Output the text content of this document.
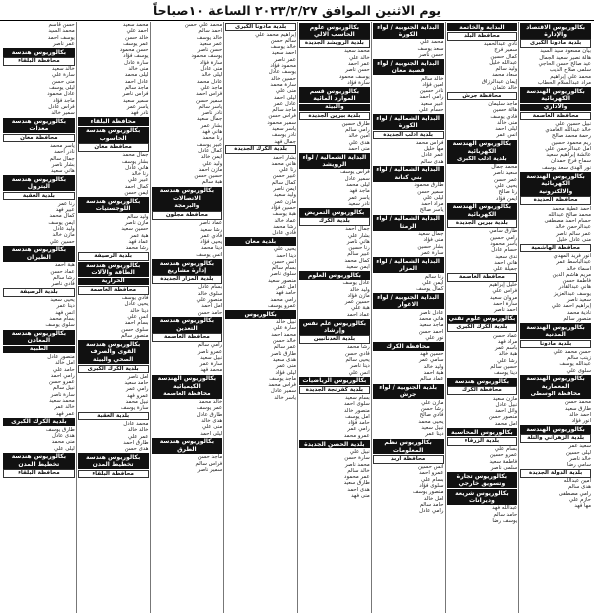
يوم الاثنين الموافق ٢٠٢٣/٢/٢٧ الساعة ١٠صباحاً
بكالوريوس الاقتصاد والإدارة
بلدية مادونا الكبرى
بيان مسعود سيد السيد
هالة نصير سعيد الجمال
عيد صالح حسن الحاجي
سلمى صلاح الديب
محمد علي إبراهيم
مراد عبدالسلام الحطاب
بكالوريوس الهندسة الكهربائية
والاداري
محافظة العاصمة
نبيل حسين علي
خالد عبدالله الغامدي
رحمة محمد صالح
ريم محمود حسين
أمل عبدالرحمن علي
عائشة إبراهيم سعيد
سماح فرج حمدان
نور الهدى سعد يوسف
بكالوريوس الهندسة الكهربائية
والالكترونية
محافظة الحديدة
أحمد عطية محمد
محمد صالح عبدالله
حسام أحمد مصطفى
عبدالرحمن خالد
عمر سالم ناصر
منى عادل خليل
محافظة الهاشمية
انور فريد المهدي
عبدالباسط عمر
أسماء خالد
مريم هاشم الدين
فاطمة حسن
هاني عبدالقادر
يوسف عبدالعزيز
سعيد ناصر
إبراهيم أحمد علي
نادية محمد
منصور سالم
بكالوريوس الهندسة المدنية
بلدية مادونا
حسن محمد علي
زينب سالم
عبدالله يوسف
سلوى علي
بكالوريوس الهندسة المعمارية
محافظة الوسطى
محمد حسن
طارق سعيد
أحمد خالد
أنور فؤاد
بكالوريوس الهندسة
بلدية الزهراني والتلة
سعيد عمر
ليلى حسين
خالد ناصر
سامي رضا
بلدية الدولة الجديدة
أمين عبدالله
هدى سالم
رامي مصطفى
حازم علي
مها فهد
البداية والخاتمة
محافظة البلد
نادي عبدالحميد
سمير فرج
كمال حسين
عبدالله خليل
وليد سالم
سعاد محمد
إيمان عبدالرزاق
خالد عثمان
محافظة جرش
ماجد سليمان
هالة حسين
فادي يوسف
منى خالد
ليلى أحمد
أنس عمر
بكالوريوس الهندسة الكهربائية
بلدية ادلب الكبرى
محمد جمال
سعيد ناصر
عمر حسن
يحيى علي
رنا صالح
أيمن فؤاد
بكالوريوس الهندسة الكهربائية
بلدية بيرين الجديدة
طارق سامي
رامي حسين
ياسر محمود
حسام عادل
ندى سعيد
هاني أحمد
جميلة علي
محافظة العاصمة
خليل إبراهيم
فراس علي
مروان سعيد
سارة أحمد
أحمد ناصر
بكالوريوس علوم تقني
بلدية الكرك الكبرى
عماد حسن
مراد فهد
باسم عمر
هبة خالد
رشا علي
حسين سالم
دينا يوسف
بكالوريوس هندسة
محافظة الكرك
مازن سعيد
نبيل عادل
وائل أحمد
منصور حسن
أمل محمد
بكالوريوس المحاسبة
بلدية الزرقاء
بسام علي
عمرو حسين
فاطمة سعيد
سلمى ناصر
بكالوريوس تجارة وتسويق خارجي
بكالوريوس شريعة وديرانات
عبدالله فهد
حامد سالم
يوسف رضا
البداية الجنوبية / لواء الكورة
محمد علي
سعد يوسف
حسن ناصر
البداية الجنوبية / لواء قصبة معان
خالد سالم
أمين فؤاد
نادر حسين
رامي أحمد
عبير سعيد
حسام علي
البداية الشمالية / لواء الكورة
بلدية ادلب الجديدة
فراس محمد
مها خليل
عمر عادل
هدى سالم
البداية الشمالية / لواء بني كنانة
طارق محمود
سمير حسن
ليلى علي
مراد أحمد
ياسر صالح
البداية الشمالية / لواء الرمثا
جمال سعيد
منى فؤاد
بشار حسين
سارة عمر
البداية الشمالية / لواء المزار
رنا سالم
أيمن علي
كمال يوسف
البداية الجنوبية / لواء الاغوار
عادل ناصر
هاني محمد
ماجد سعيد
أحمد حسن
نور علي
محافظة الكرك
حسين فهد
سامي عمر
وليد خالد
هبة أحمد
عماد سالم
بلدية الجنوبية / لواء جرش
مازن علي
رشا حسن
فادي صالح
يحيى محمد
نبيل سعيد
دينا عمر
بكالوريوس نظم المعلومات
محافظة اربد
أنس حسين
عمرو أحمد
بسام علي
سلوى فؤاد
منصور يوسف
أمل خالد
حامد سالم
رامي عادل
بكالوريوس علوم الحاسب الالي
بلدية الرويشد الجديدة
محمد سعيد
خالد علي
عمر أحمد
حسن ناصر
يوسف محمود
سارة فؤاد
بكالوريوس قسم الموارد المائية
والبيئة
بلدية بيرين الجديدة
طارق حسين
رامي سالم
أمين خالد
هدى علي
منى أحمد
البداية الشمالية / لواء الرويشد
فراس يوسف
سمير عادل
ليلى محمد
ماجد فهد
ياسر عمر
نادر سعيد
بكالوريوس التمريض
بلدية الكرك
جمال أحمد
بشار علي
هاني ناصر
رنا حسين
عبير سالم
كمال محمد
أيمن سعيد
بكالوريوس العلوم
عادل يوسف
وليد خالد
مازن فؤاد
حسين عمر
هبة علي
عماد أحمد
بكالوريوس علم نفس وإرشاد
بلدية العدنانيين
رشا محمد
فادي حسن
يحيى سالم
دينا ناصر
أنس علي
بكالوريوس الرياضيات
بلدية كفرنجة الجديدة
بسام سعيد
سلوى أحمد
منصور خالد
أمل يوسف
حامد فؤاد
رامي عمر
عمرو محمد
بلدية الحصن الجديدة
نبيل علي
سارة حسن
محمد ناصر
خالد سالم
عمر محمود
طارق سعيد
هدى أحمد
منى فهد
بلدية مادونا الكبرى
إبراهيم محمد علي
سالم حسن
خالد يوسف
أحمد سعيد
عمر ناصر
محمود فؤاد
يوسف عادل
حسين خالد
سارة محمد
منى علي
ليلى أحمد
عادل عمر
ماجد سالم
فراس حسن
سمير محمود
ياسر سعيد
نادر يوسف
جمال فهد
بلدية الكرك الجديدة
بشار أحمد
هاني محمد
رنا علي
عبير حسن
كمال سالم
أيمن ناصر
وليد سعيد
مازن عمر
حسين فؤاد
هبة يوسف
عماد خالد
رشا محمد
فادي عادل
بلدية معان
يحيى علي
دينا أحمد
أنس حسن
بسام سالم
سلوى ناصر
منصور سعيد
أمل عمر
حامد فهد
رامي محمد
عمرو يوسف
بكالوريوس
نبيل خالد
سارة علي
محمد أحمد
خالد حسن
عمر سالم
طارق ناصر
هدى سعيد
منى عمر
ليلى فؤاد
ماجد يوسف
فراس محمد
سمير عادل
ياسر خالد
محمد علي حسن
أحمد سالم
خالد يوسف
عمر سعيد
حسن ناصر
يوسف محمود
سارة فؤاد
منى عادل
ليلى خالد
عادل محمد
ماجد علي
فراس أحمد
سمير حسن
ياسر سالم
نادر ناصر
جمال سعيد
بشار عمر
هاني فهد
رنا محمد
عبير يوسف
كمال عادل
أيمن خالد
وليد علي
مازن أحمد
حسين حسن
هبة سالم
بكالوريوس هندسة الاتصالات
والبرمجة
محافظة مجلون
عماد ناصر
رشا سعيد
فادي عمر
يحيى فؤاد
دينا محمد
أنس يوسف
بكالوريوس هندسة إدارة مشاريع
بلدية المزار الجديدة
بسام عادل
سلوى خالد
منصور علي
أمل أحمد
حامد حسن
بكالوريوس هندسة التعدين
محافظة العاصمة
رامي سالم
عمرو ناصر
نبيل سعيد
سارة عمر
محمد فهد
بكالوريوس الهندسة الكيميائية
محافظة العاصمة
خالد محمد
عمر يوسف
طارق عادل
هدى خالد
منى علي
ليلى أحمد
بكالوريوس هندسة الطرق
ماجد حسن
فراس سالم
سمير ناصر
محمد سعيد
أحمد علي
خالد حسن
عمر يوسف
حسن محمود
يوسف فؤاد
سارة عادل
منى خالد
ليلى محمد
عادل أحمد
ماجد سالم
فراس ناصر
سمير سعيد
ياسر عمر
نادر فهد
محافظة البلقاء
بكالوريوس هندسة الحاسوب
محافظة معان
جمال محمد
بشار يوسف
هاني عادل
رنا خالد
عبير علي
كمال أحمد
أيمن حسن
بكالوريوس هندسة اللوجستيات
وليد سالم
مازن ناصر
حسين سعيد
هبة عمر
عماد فهد
رشا محمد
بلدية الرصيفة
بكالوريوس هندسة الطاقة والآلات
الحرارية
محافظة العاصمة
فادي يوسف
يحيى عادل
دينا خالد
أنس علي
بسام أحمد
سلوى حسن
منصور سالم
بكالوريوس هندسة القوى والصرف
الصحي والبيئة
بلدية الكرك الكبرى
أمل ناصر
حامد سعيد
رامي عمر
عمرو فهد
نبيل محمد
سارة يوسف
بلدية العقبة
محمد عادل
خالد خالد
عمر علي
طارق أحمد
هدى حسن
بكالوريوس هندسة تخطيط المدن
محافظة البلقاء
حسن قاسم
محمد السيد
يوسف أحمد
عمر ناصر
بكالوريوس هندسة
محافظة البلقاء
خالد سعيد
سارة علي
منى حسن
ليلى يوسف
عادل محمود
ماجد فؤاد
فراس عادل
سمير خالد
بكالوريوس هندسة معدات
محافظة معان
ياسر محمد
نادر أحمد
جمال سالم
بشار ناصر
هاني سعيد
بكالوريوس هندسة البترول
بلدية العقبة
رنا عمر
عبير فهد
كمال محمد
أيمن يوسف
وليد عادل
مازن خالد
حسين علي
بكالوريوس هندسة الطيران
هبة أحمد
عماد حسن
رشا سالم
فادي ناصر
بلدية الرصيفة
يحيى سعيد
دينا عمر
أنس فهد
بسام محمد
سلوى يوسف
بكالوريوس هندسة المعادن
الطبية
منصور عادل
أمل خالد
حامد علي
رامي أحمد
عمرو حسن
نبيل سالم
سارة ناصر
محمد سعيد
خالد عمر
عمر فهد
بلدية الكرك الكبرى
طارق يوسف
هدى عادل
منى محمد
ليلى علي
بكالوريوس هندسة تخطيط المدن
محافظة البلقاء
